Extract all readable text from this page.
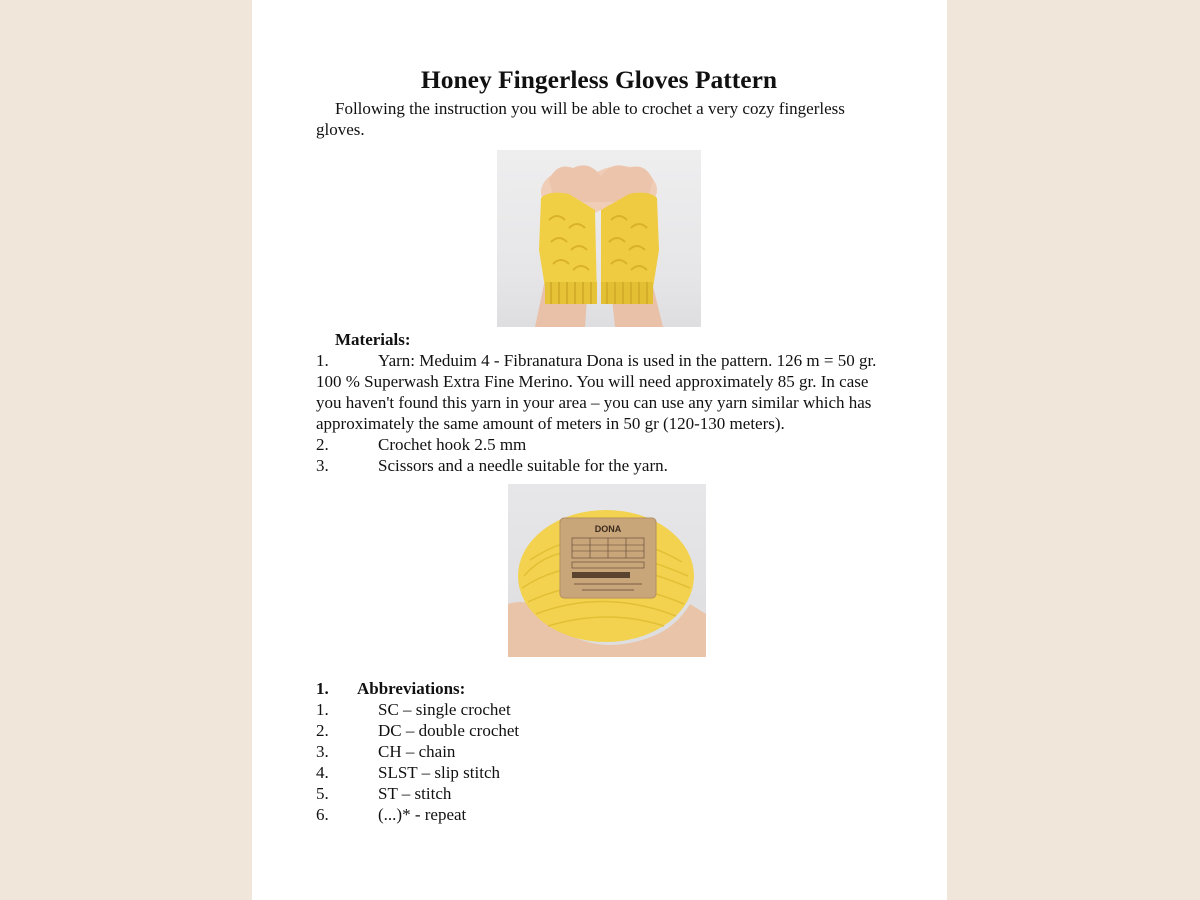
Honey Fingerless Gloves Pattern

Following the instruction you will be able to crochet a very cozy fingerless gloves.

Materials:

1.	Yarn: Meduim 4 - Fibranatura Dona is used in the pattern. 126 m = 50 gr. 100 % Superwash Extra Fine Merino. You will need approximately 85 gr. In case you haven't found this yarn in your area – you can use any yarn similar which has approximately the same amount of meters in 50 gr (120-130 meters).
2.	Crochet hook 2.5 mm
3.	Scissors and a needle suitable for the yarn.
DONA

1.	Abbreviations:

1.	SC – single crochet
2.	DC – double crochet
3.	CH – chain
4.	SLST – slip stitch
5.	ST – stitch
6.	(...)* - repeat
